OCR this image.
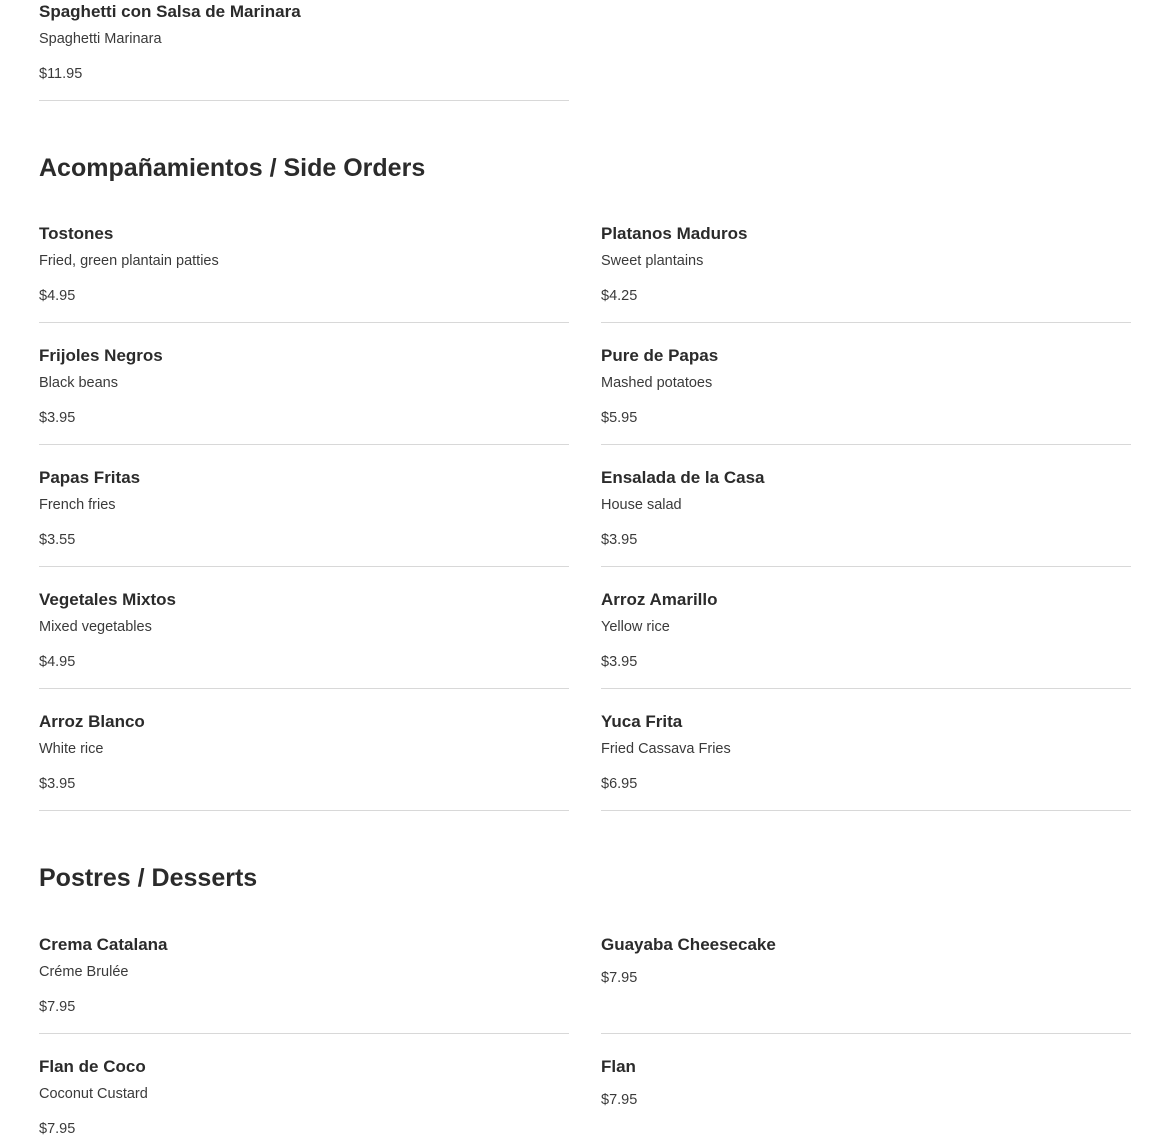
Spaghetti con Salsa de Marinara
Spaghetti Marinara
$11.95
Acompañamientos / Side Orders
Tostones
Fried, green plantain patties
$4.95
Platanos Maduros
Sweet plantains
$4.25
Frijoles Negros
Black beans
$3.95
Pure de Papas
Mashed potatoes
$5.95
Papas Fritas
French fries
$3.55
Ensalada de la Casa
House salad
$3.95
Vegetales Mixtos
Mixed vegetables
$4.95
Arroz Amarillo
Yellow rice
$3.95
Arroz Blanco
White rice
$3.95
Yuca Frita
Fried Cassava Fries
$6.95
Postres / Desserts
Crema Catalana
Créme Brulée
$7.95
Guayaba Cheesecake
$7.95
Flan de Coco
Coconut Custard
$7.95
Flan
$7.95
